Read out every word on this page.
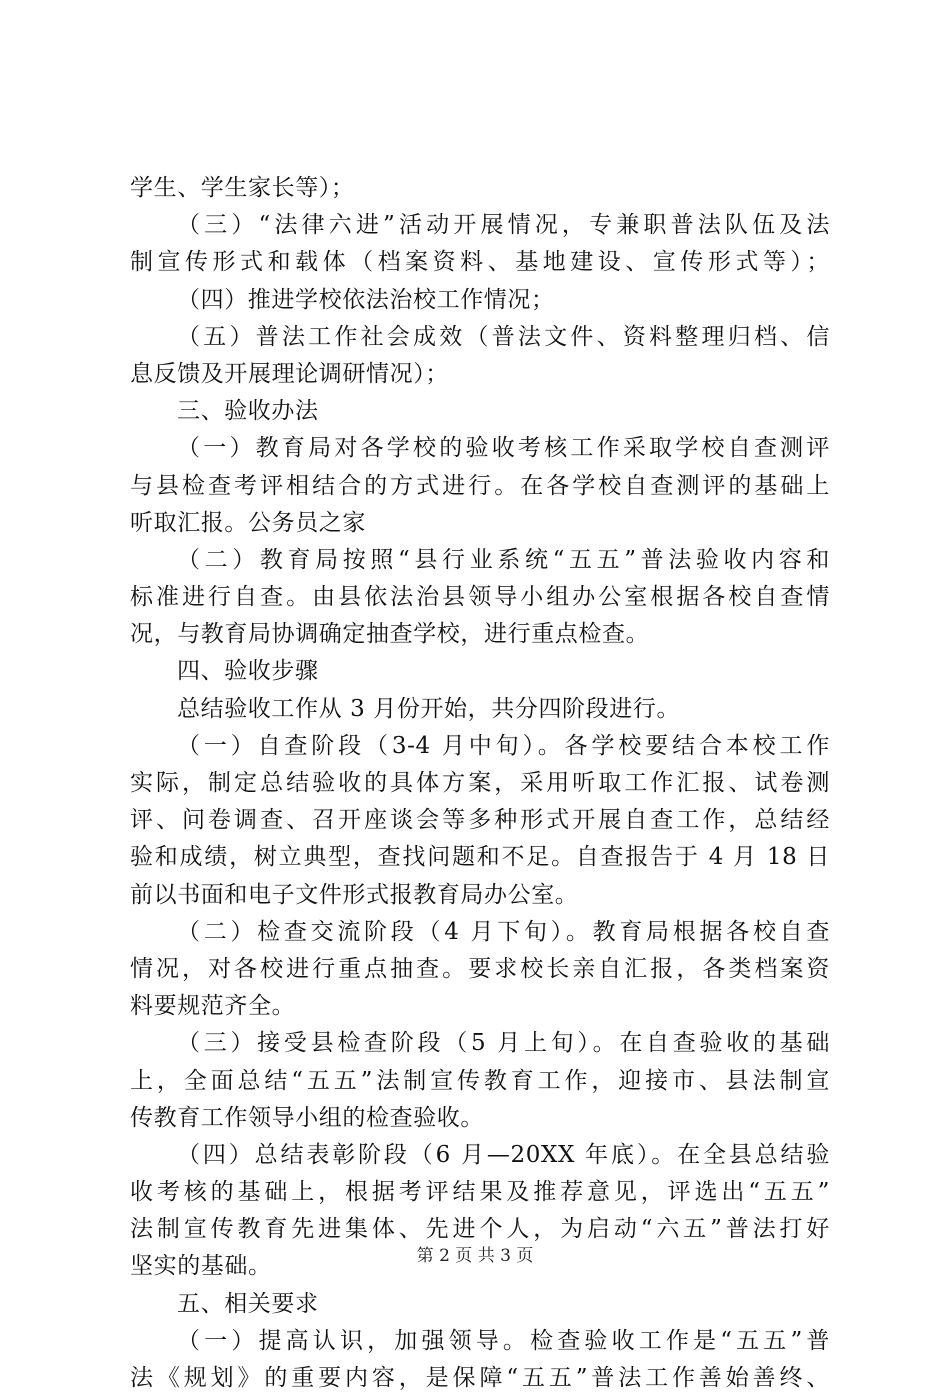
学生、学生家长等）；
（三）“法律六进”活动开展情况，专兼职普法队伍及法
制宣传形式和载体（档案资料、基地建设、宣传形式等）；
（四）推进学校依法治校工作情况；
（五）普法工作社会成效（普法文件、资料整理归档、信
息反馈及开展理论调研情况）；
三、验收办法
（一）教育局对各学校的验收考核工作采取学校自查测评
与县检查考评相结合的方式进行。在各学校自查测评的基础上
听取汇报。公务员之家
（二）教育局按照“县行业系统“五五”普法验收内容和
标准进行自查。由县依法治县领导小组办公室根据各校自查情
况，与教育局协调确定抽查学校，进行重点检查。
四、验收步骤
总结验收工作从 3 月份开始，共分四阶段进行。
（一）自查阶段（3-4 月中旬）。各学校要结合本校工作
实际，制定总结验收的具体方案，采用听取工作汇报、试卷测
评、问卷调查、召开座谈会等多种形式开展自查工作，总结经
验和成绩，树立典型，查找问题和不足。自查报告于 4 月 18 日
前以书面和电子文件形式报教育局办公室。
（二）检查交流阶段（4 月下旬）。教育局根据各校自查
情况，对各校进行重点抽查。要求校长亲自汇报，各类档案资
料要规范齐全。
（三）接受县检查阶段（5 月上旬）。在自查验收的基础
上，全面总结“五五”法制宣传教育工作，迎接市、县法制宣
传教育工作领导小组的检查验收。
（四）总结表彰阶段（6 月—20XX 年底）。在全县总结验
收考核的基础上，根据考评结果及推荐意见，评选出“五五”
法制宣传教育先进集体、先进个人，为启动“六五”普法打好
坚实的基础。
五、相关要求
（一）提高认识，加强领导。检查验收工作是“五五”普
法《规划》的重要内容，是保障“五五”普法工作善始善终、
第 2 页 共 3 页
